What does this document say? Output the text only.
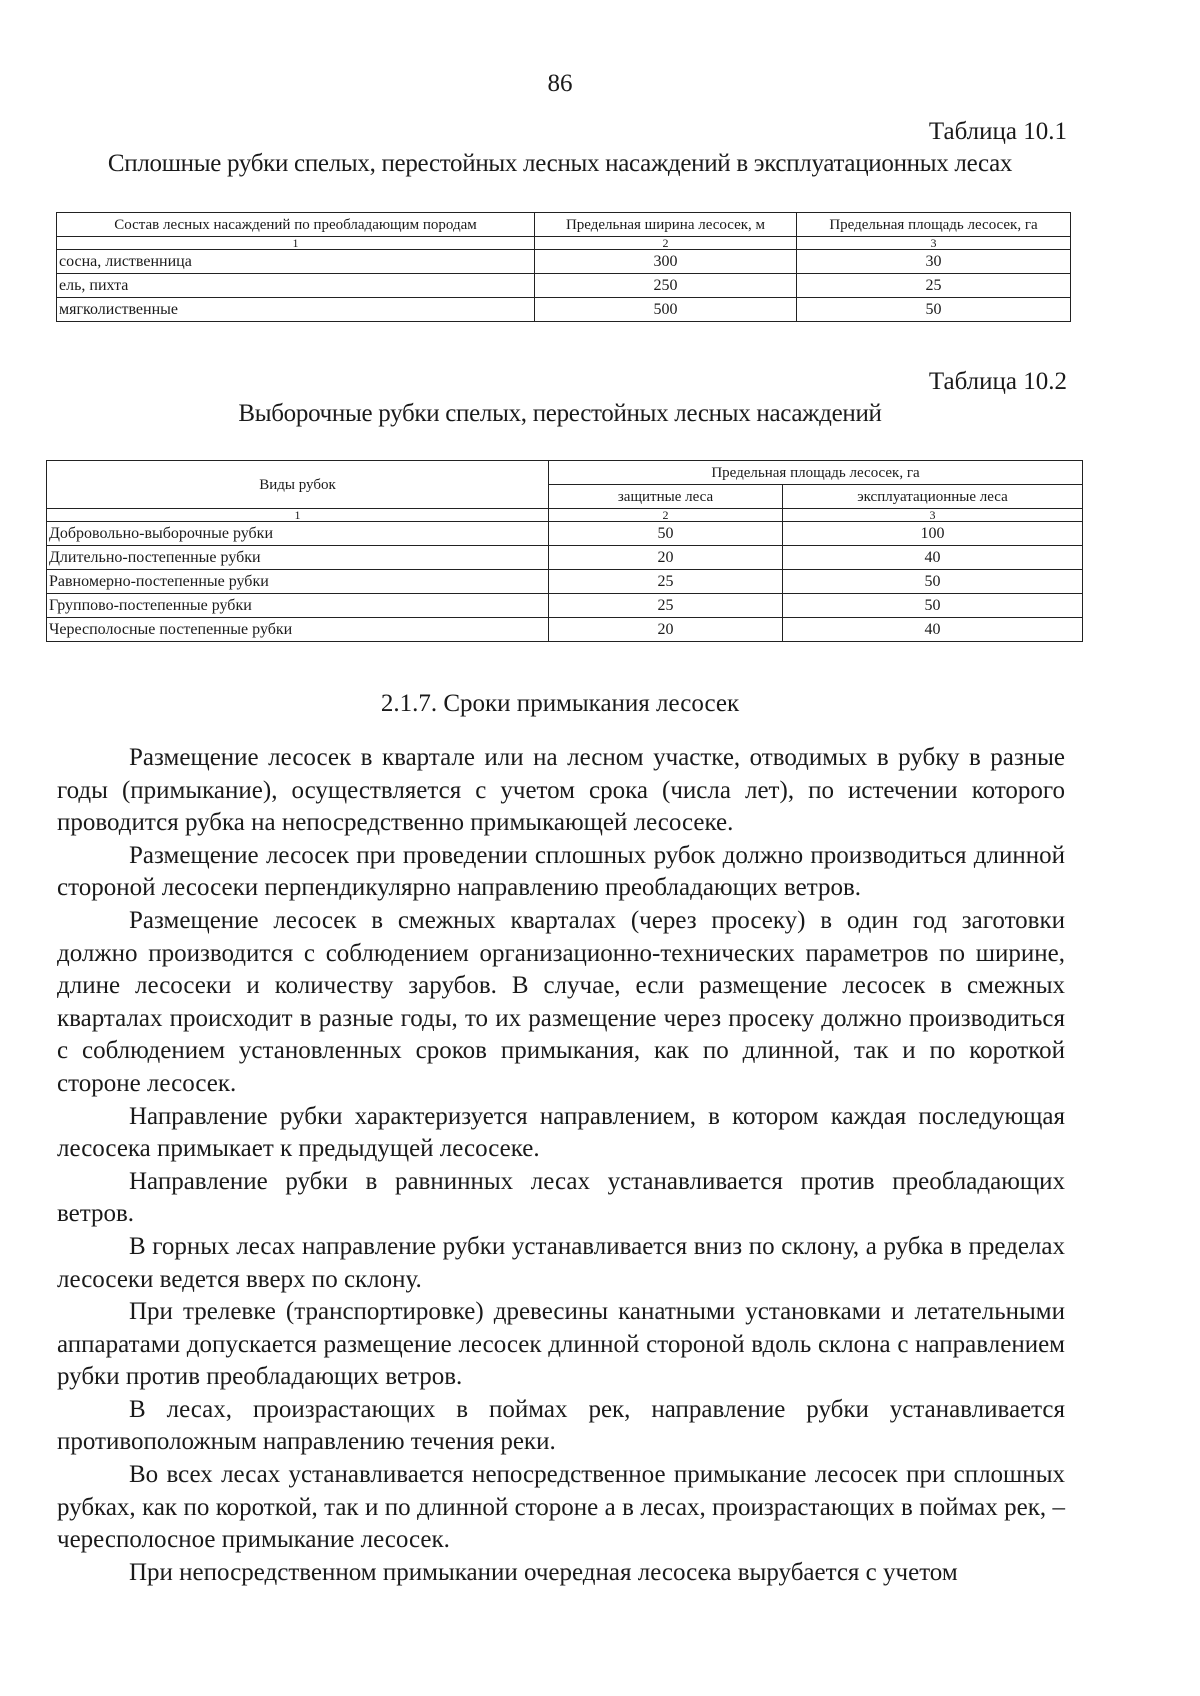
86
Таблица 10.1
Сплошные рубки спелых, перестойных лесных насаждений в эксплуатационных лесах
Состав лесных насаждений по преобладающим породам	Предельная ширина лесосек, м	Предельная площадь лесосек, га
1	2	3
сосна, лиственница	300	30
ель, пихта	250	25
мягколиственные	500	50
Таблица 10.2
Выборочные рубки спелых, перестойных лесных насаждений
Виды рубок	Предельная площадь лесосек, га	
	защитные леса	эксплуатационные леса
1	2	3
Добровольно-выборочные рубки	50	100
Длительно-постепенные рубки	20	40
Равномерно-постепенные рубки	25	50
Группово-постепенные рубки	25	50
Чересполосные постепенные рубки	20	40
2.1.7. Сроки примыкания лесосек

Размещение лесосек в квартале или на лесном участке, отводимых в рубку в разные годы (примыкание), осуществляется с учетом срока (числа лет), по истечении которого проводится рубка на непосредственно примыкающей лесосеке.

Размещение лесосек при проведении сплошных рубок должно производиться длинной стороной лесосеки перпендикулярно направлению преобладающих ветров.

Размещение лесосек в смежных кварталах (через просеку) в один год заготовки должно производится с соблюдением организационно-технических параметров по ширине, длине лесосеки и количеству зарубов. В случае, если размещение лесосек в смежных кварталах происходит в разные годы, то их размещение через просеку должно производиться с соблюдением установленных сроков примыкания, как по длинной, так и по короткой стороне лесосек.

Направление рубки характеризуется направлением, в котором каждая последующая лесосека примыкает к предыдущей лесосеке.

Направление рубки в равнинных лесах устанавливается против преобладающих ветров.

В горных лесах направление рубки устанавливается вниз по склону, а рубка в пределах лесосеки ведется вверх по склону.

При трелевке (транспортировке) древесины канатными установками и летательными аппаратами допускается размещение лесосек длинной стороной вдоль склона с направлением рубки против преобладающих ветров.

В лесах, произрастающих в поймах рек, направление рубки устанавливается противоположным направлению течения реки.

Во всех лесах устанавливается непосредственное примыкание лесосек при сплошных рубках, как по короткой, так и по длинной стороне а в лесах, произрастающих в поймах рек, – чересполосное примыкание лесосек.

При непосредственном примыкании очередная лесосека вырубается с учетом
